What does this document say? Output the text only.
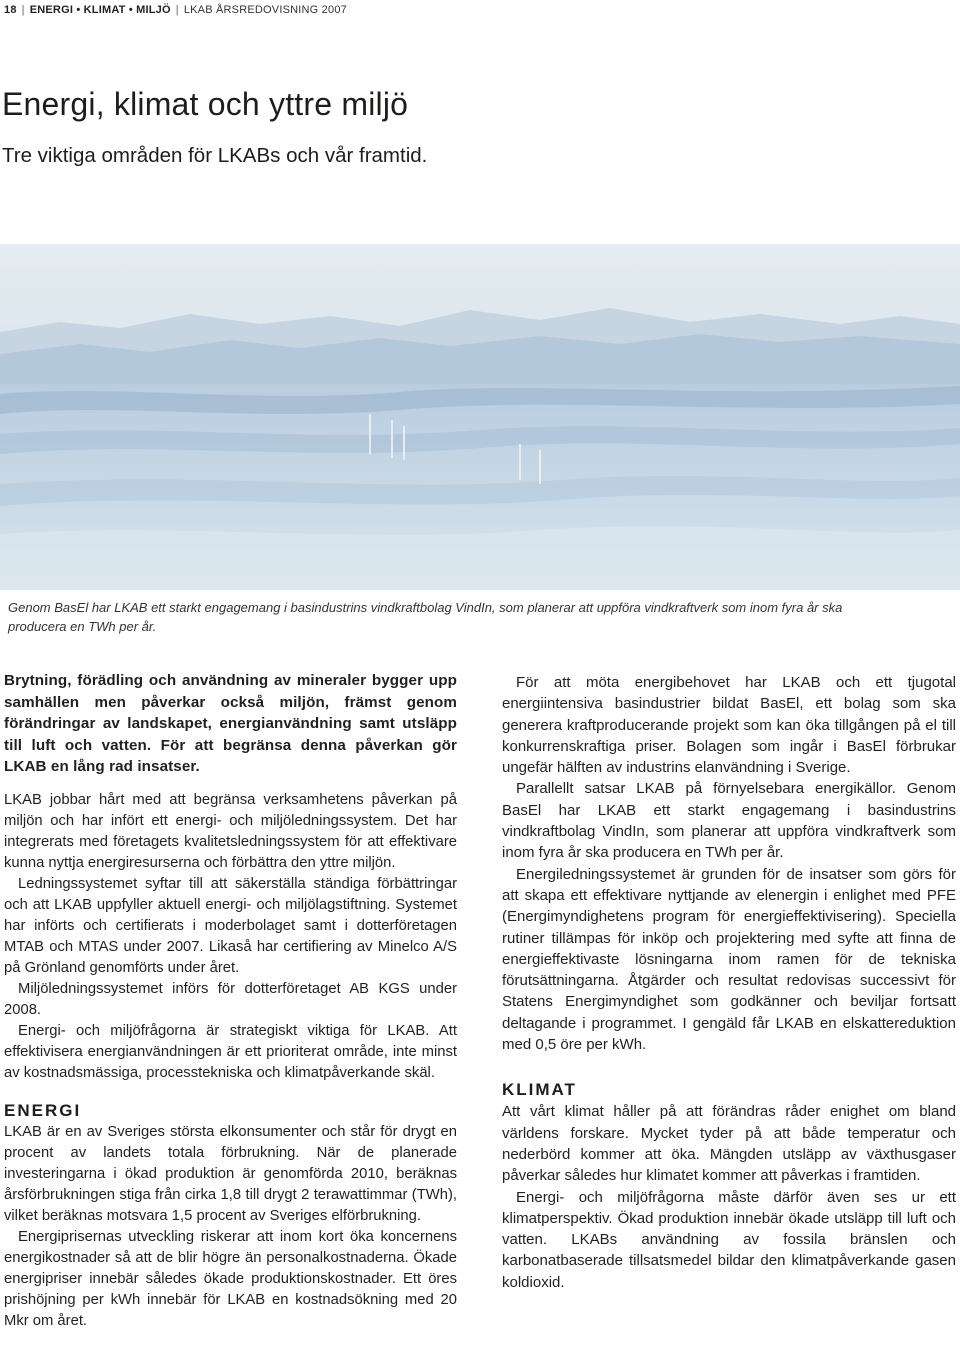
18 | ENERGI • KLIMAT • MILJÖ | LKAB ÅRSREDOVISNING 2007
Energi, klimat och yttre miljö
Tre viktiga områden för LKABs och vår framtid.
Genom BasEl har LKAB ett starkt engagemang i basindustrins vindkraftbolag VindIn, som planerar att uppföra vindkraftverk som inom fyra år ska producera en TWh per år.

Brytning, förädling och användning av mineraler bygger upp samhällen men påverkar också miljön, främst genom förändringar av landskapet, energianvändning samt utsläpp till luft och vatten. För att begränsa denna påverkan gör LKAB en lång rad insatser.

LKAB jobbar hårt med att begränsa verksamhetens påverkan på miljön och har infört ett energi- och miljöledningssystem. Det har integrerats med företagets kvalitetsledningssystem för att effektivare kunna nyttja energiresurserna och förbättra den yttre miljön.

Ledningssystemet syftar till att säkerställa ständiga förbättringar och att LKAB uppfyller aktuell energi- och miljölagstiftning. Systemet har införts och certifierats i moderbolaget samt i dotterföretagen MTAB och MTAS under 2007. Likaså har certifiering av Minelco A/S på Grönland genomförts under året.

Miljöledningssystemet införs för dotterföretaget AB KGS under 2008.

Energi- och miljöfrågorna är strategiskt viktiga för LKAB. Att effektivisera energianvändningen är ett prioriterat område, inte minst av kostnadsmässiga, processtekniska och klimatpåverkande skäl.

ENERGI

LKAB är en av Sveriges största elkonsumenter och står för drygt en procent av landets totala förbrukning. När de planerade investeringarna i ökad produktion är genomförda 2010, beräknas årsförbrukningen stiga från cirka 1,8 till drygt 2 terawattimmar (TWh), vilket beräknas motsvara 1,5 procent av Sveriges elförbrukning.

Energiprisernas utveckling riskerar att inom kort öka koncernens energikostnader så att de blir högre än personalkostnaderna. Ökade energipriser innebär således ökade produktionskostnader. Ett öres prishöjning per kWh innebär för LKAB en kostnadsökning med 20 Mkr om året.

För att möta energibehovet har LKAB och ett tjugotal energiintensiva basindustrier bildat BasEl, ett bolag som ska generera kraftproducerande projekt som kan öka tillgången på el till konkurrenskraftiga priser. Bolagen som ingår i BasEl förbrukar ungefär hälften av industrins elanvändning i Sverige.

Parallellt satsar LKAB på förnyelsebara energikällor. Genom BasEl har LKAB ett starkt engagemang i basindustrins vindkraftbolag VindIn, som planerar att uppföra vindkraftverk som inom fyra år ska producera en TWh per år.

Energiledningssystemet är grunden för de insatser som görs för att skapa ett effektivare nyttjande av elenergin i enlighet med PFE (Energimyndighetens program för energieffektivisering). Speciella rutiner tillämpas för inköp och projektering med syfte att finna de energieffektivaste lösningarna inom ramen för de tekniska förutsättningarna. Åtgärder och resultat redovisas successivt för Statens Energimyndighet som godkänner och beviljar fortsatt deltagande i programmet. I gengäld får LKAB en elskattereduktion med 0,5 öre per kWh.

KLIMAT

Att vårt klimat håller på att förändras råder enighet om bland världens forskare. Mycket tyder på att både temperatur och nederbörd kommer att öka. Mängden utsläpp av växthusgaser påverkar således hur klimatet kommer att påverkas i framtiden.

Energi- och miljöfrågorna måste därför även ses ur ett klimatperspektiv. Ökad produktion innebär ökade utsläpp till luft och vatten. LKABs användning av fossila bränslen och karbonatbaserade tillsatsmedel bildar den klimatpåverkande gasen koldioxid.
